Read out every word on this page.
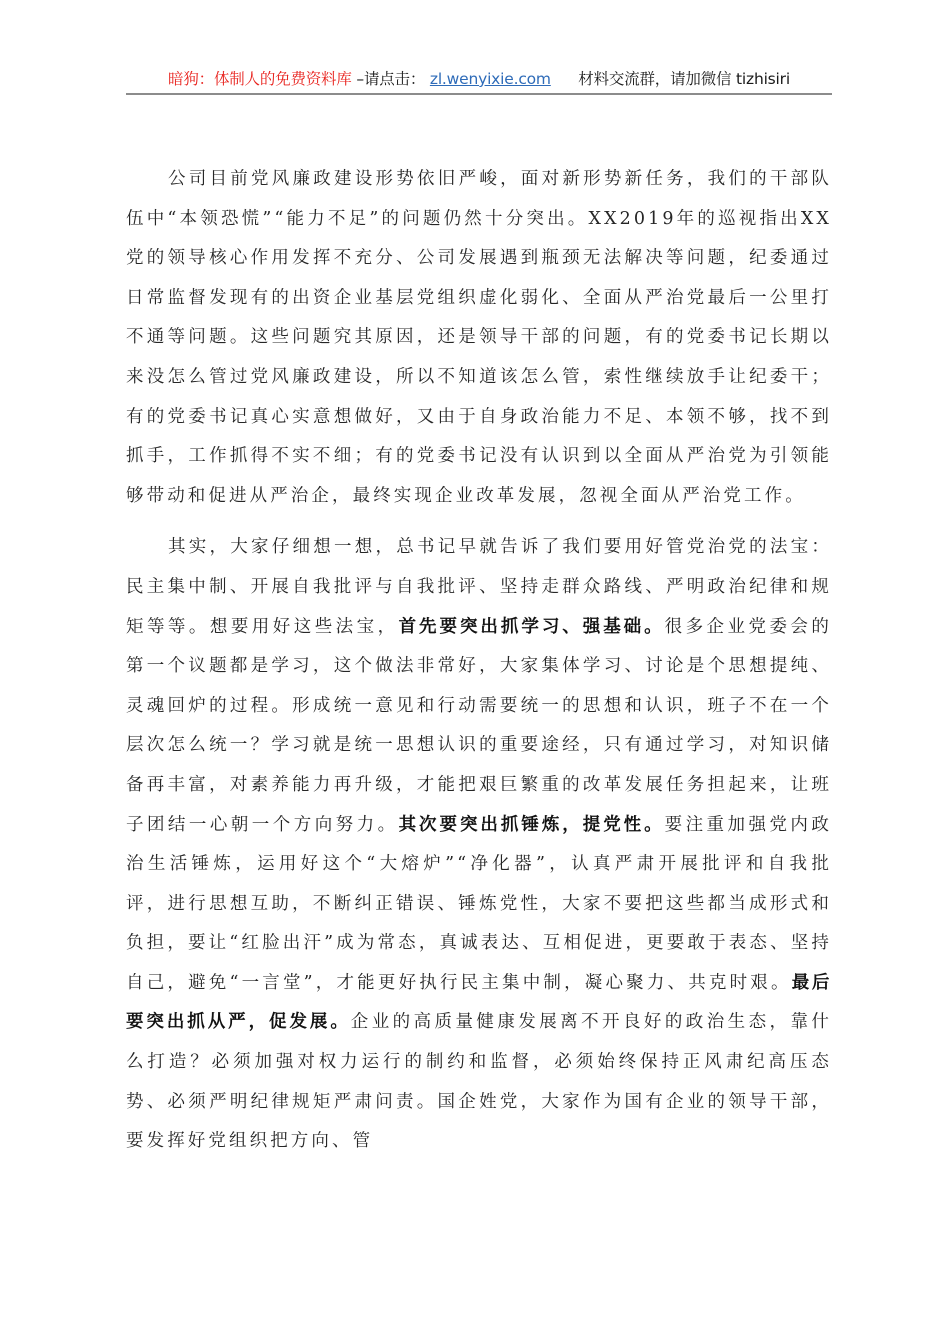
暗狗：体制人的免费资料库 –请点击： zl.wenyixie.com 材料交流群，请加微信 tizhisiri

公司目前党风廉政建设形势依旧严峻，面对新形势新任务，我们的干部队伍中“本领恐慌”“能力不足”的问题仍然十分突出。XX2019年的巡视指出XX党的领导核心作用发挥不充分、公司发展遇到瓶颈无法解决等问题，纪委通过日常监督发现有的出资企业基层党组织虚化弱化、全面从严治党最后一公里打不通等问题。这些问题究其原因，还是领导干部的问题，有的党委书记长期以来没怎么管过党风廉政建设，所以不知道该怎么管，索性继续放手让纪委干；有的党委书记真心实意想做好，又由于自身政治能力不足、本领不够，找不到抓手，工作抓得不实不细；有的党委书记没有认识到以全面从严治党为引领能够带动和促进从严治企，最终实现企业改革发展，忽视全面从严治党工作。

其实，大家仔细想一想，总书记早就告诉了我们要用好管党治党的法宝：民主集中制、开展自我批评与自我批评、坚持走群众路线、严明政治纪律和规矩等等。想要用好这些法宝，首先要突出抓学习、强基础。很多企业党委会的第一个议题都是学习，这个做法非常好，大家集体学习、讨论是个思想提纯、灵魂回炉的过程。形成统一意见和行动需要统一的思想和认识，班子不在一个层次怎么统一？学习就是统一思想认识的重要途经，只有通过学习，对知识储备再丰富，对素养能力再升级，才能把艰巨繁重的改革发展任务担起来，让班子团结一心朝一个方向努力。其次要突出抓锤炼，提党性。要注重加强党内政治生活锤炼，运用好这个“大熔炉”“净化器”，认真严肃开展批评和自我批评，进行思想互助，不断纠正错误、锤炼党性，大家不要把这些都当成形式和负担，要让“红脸出汗”成为常态，真诚表达、互相促进，更要敢于表态、坚持自己，避免“一言堂”，才能更好执行民主集中制，凝心聚力、共克时艰。最后要突出抓从严，促发展。企业的高质量健康发展离不开良好的政治生态，靠什么打造？必须加强对权力运行的制约和监督，必须始终保持正风肃纪高压态势、必须严明纪律规矩严肃问责。国企姓党，大家作为国有企业的领导干部，要发挥好党组织把方向、管
